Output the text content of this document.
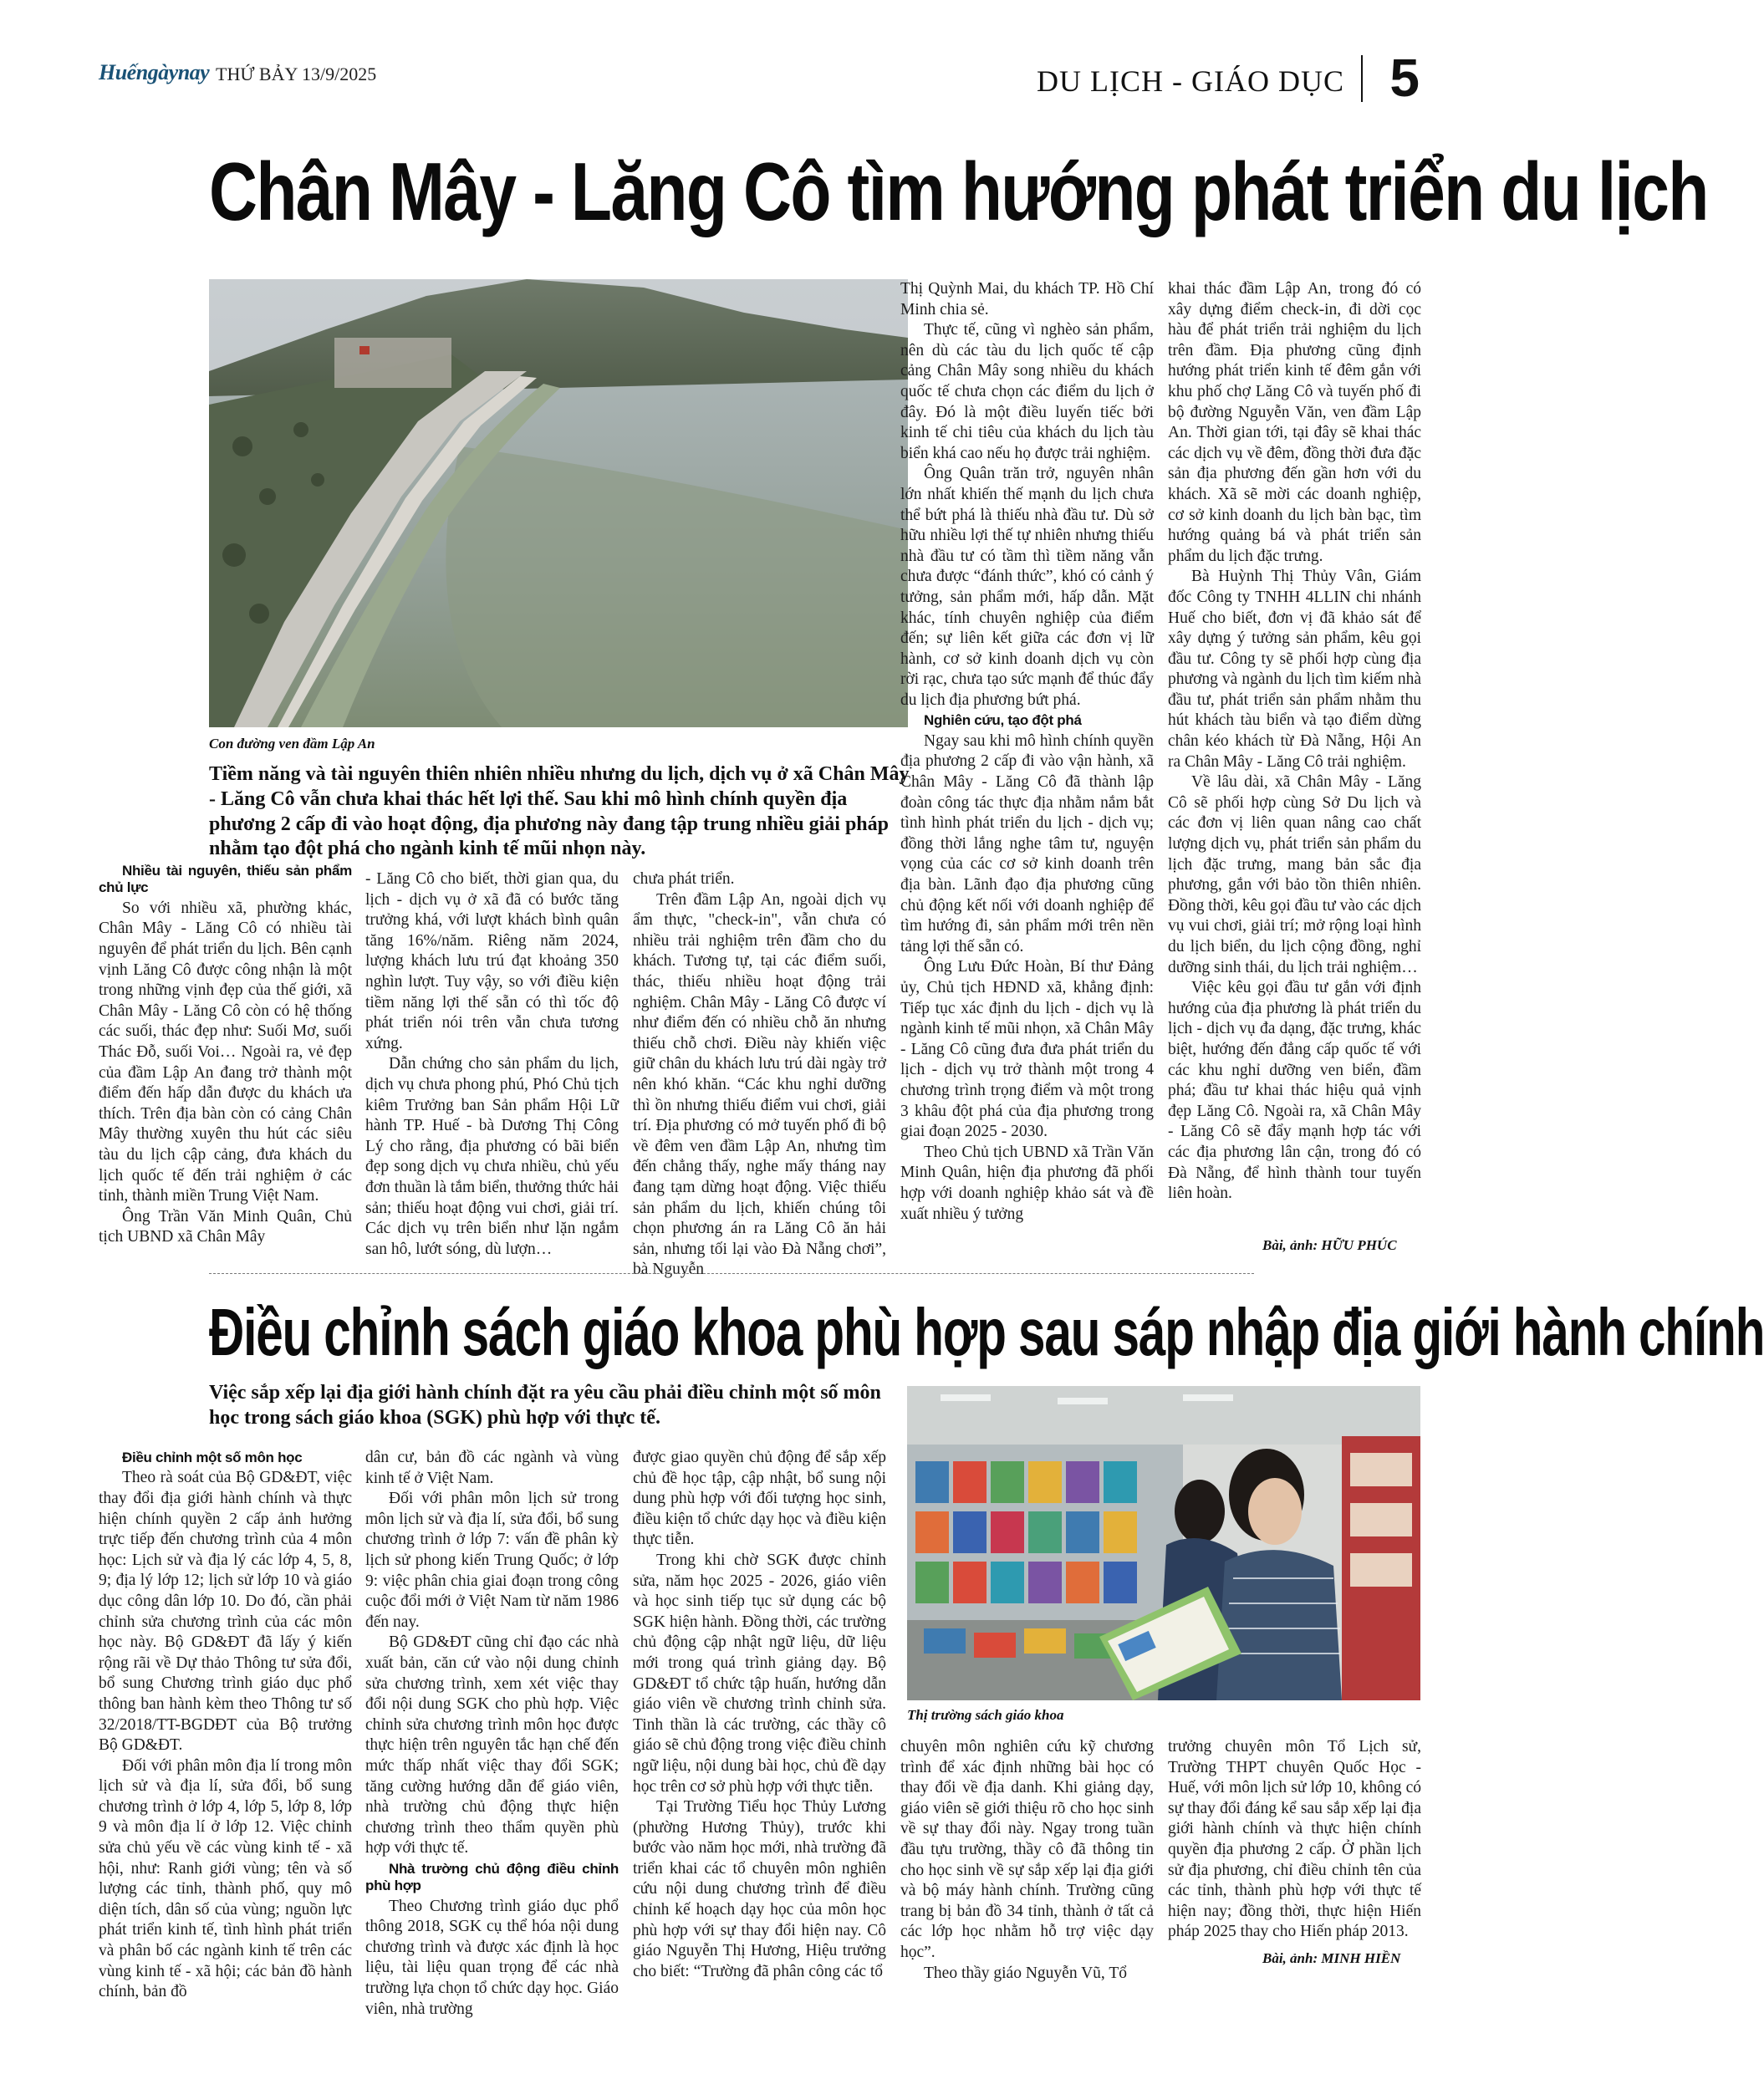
Huếngàynay THỨ BẢY 13/9/2025	DU LỊCH - GIÁO DỤC 5
Chân Mây - Lăng Cô tìm hướng phát triển du lịch
Con đường ven đầm Lập An
Tiềm năng và tài nguyên thiên nhiên nhiều nhưng du lịch, dịch vụ ở xã Chân Mây - Lăng Cô vẫn chưa khai thác hết lợi thế. Sau khi mô hình chính quyền địa phương 2 cấp đi vào hoạt động, địa phương này đang tập trung nhiều giải pháp nhằm tạo đột phá cho ngành kinh tế mũi nhọn này.

Nhiều tài nguyên, thiếu sản phẩm chủ lực

So với nhiều xã, phường khác, Chân Mây - Lăng Cô có nhiều tài nguyên để phát triển du lịch. Bên cạnh vịnh Lăng Cô được công nhận là một trong những vịnh đẹp của thế giới, xã Chân Mây - Lăng Cô còn có hệ thống các suối, thác đẹp như: Suối Mơ, suối Thác Đỗ, suối Voi… Ngoài ra, vẻ đẹp của đầm Lập An đang trở thành một điểm đến hấp dẫn được du khách ưa thích. Trên địa bàn còn có cảng Chân Mây thường xuyên thu hút các siêu tàu du lịch cập cảng, đưa khách du lịch quốc tế đến trải nghiệm ở các tỉnh, thành miền Trung Việt Nam.

Ông Trần Văn Minh Quân, Chủ tịch UBND xã Chân Mây

- Lăng Cô cho biết, thời gian qua, du lịch - dịch vụ ở xã đã có bước tăng trưởng khá, với lượt khách bình quân tăng 16%/năm. Riêng năm 2024, lượng khách lưu trú đạt khoảng 350 nghìn lượt. Tuy vậy, so với điều kiện tiềm năng lợi thế sẵn có thì tốc độ phát triển nói trên vẫn chưa tương xứng.

Dẫn chứng cho sản phẩm du lịch, dịch vụ chưa phong phú, Phó Chủ tịch kiêm Trưởng ban Sản phẩm Hội Lữ hành TP. Huế - bà Dương Thị Công Lý cho rằng, địa phương có bãi biển đẹp song dịch vụ chưa nhiều, chủ yếu đơn thuần là tắm biển, thưởng thức hải sản; thiếu hoạt động vui chơi, giải trí. Các dịch vụ trên biển như lặn ngắm san hô, lướt sóng, dù lượn…

chưa phát triển.

Trên đầm Lập An, ngoài dịch vụ ẩm thực, "check-in", vẫn chưa có nhiều trải nghiệm trên đầm cho du khách. Tương tự, tại các điểm suối, thác, thiếu nhiều hoạt động trải nghiệm. Chân Mây - Lăng Cô được ví như điểm đến có nhiều chỗ ăn nhưng thiếu chỗ chơi. Điều này khiến việc giữ chân du khách lưu trú dài ngày trở nên khó khăn. “Các khu nghỉ dưỡng thì ồn nhưng thiếu điểm vui chơi, giải trí. Địa phương có mở tuyến phố đi bộ về đêm ven đầm Lập An, nhưng tìm đến chẳng thấy, nghe mấy tháng nay đang tạm dừng hoạt động. Việc thiếu sản phẩm du lịch, khiến chúng tôi chọn phương án ra Lăng Cô ăn hải sản, nhưng tối lại vào Đà Nẵng chơi”, bà Nguyễn

Thị Quỳnh Mai, du khách TP. Hồ Chí Minh chia sẻ.

Thực tế, cũng vì nghèo sản phẩm, nên dù các tàu du lịch quốc tế cập cảng Chân Mây song nhiều du khách quốc tế chưa chọn các điểm du lịch ở đây. Đó là một điều luyến tiếc bởi kinh tế chi tiêu của khách du lịch tàu biển khá cao nếu họ được trải nghiệm.

Ông Quân trăn trở, nguyên nhân lớn nhất khiến thế mạnh du lịch chưa thể bứt phá là thiếu nhà đầu tư. Dù sở hữu nhiều lợi thế tự nhiên nhưng thiếu nhà đầu tư có tầm thì tiềm năng vẫn chưa được “đánh thức”, khó có cảnh ý tưởng, sản phẩm mới, hấp dẫn. Mặt khác, tính chuyên nghiệp của điểm đến; sự liên kết giữa các đơn vị lữ hành, cơ sở kinh doanh dịch vụ còn rời rạc, chưa tạo sức mạnh để thúc đẩy du lịch địa phương bứt phá.

Nghiên cứu, tạo đột phá

Ngay sau khi mô hình chính quyền địa phương 2 cấp đi vào vận hành, xã Chân Mây - Lăng Cô đã thành lập đoàn công tác thực địa nhằm nắm bắt tình hình phát triển du lịch - dịch vụ; đồng thời lắng nghe tâm tư, nguyện vọng của các cơ sở kinh doanh trên địa bàn. Lãnh đạo địa phương cũng chủ động kết nối với doanh nghiệp để tìm hướng đi, sản phẩm mới trên nền tảng lợi thế sẵn có.

Ông Lưu Đức Hoàn, Bí thư Đảng ủy, Chủ tịch HĐND xã, khẳng định: Tiếp tục xác định du lịch - dịch vụ là ngành kinh tế mũi nhọn, xã Chân Mây - Lăng Cô cũng đưa đưa phát triển du lịch - dịch vụ trở thành một trong 4 chương trình trọng điểm và một trong 3 khâu đột phá của địa phương trong giai đoạn 2025 - 2030.

Theo Chủ tịch UBND xã Trần Văn Minh Quân, hiện địa phương đã phối hợp với doanh nghiệp khảo sát và đề xuất nhiều ý tưởng

khai thác đầm Lập An, trong đó có xây dựng điểm check-in, đi dời cọc hàu để phát triển trải nghiệm du lịch trên đầm. Địa phương cũng định hướng phát triển kinh tế đêm gắn với khu phố chợ Lăng Cô và tuyến phố đi bộ đường Nguyễn Văn, ven đầm Lập An. Thời gian tới, tại đây sẽ khai thác các dịch vụ về đêm, đồng thời đưa đặc sản địa phương đến gần hơn với du khách. Xã sẽ mời các doanh nghiệp, cơ sở kinh doanh du lịch bàn bạc, tìm hướng quảng bá và phát triển sản phẩm du lịch đặc trưng.

Bà Huỳnh Thị Thủy Vân, Giám đốc Công ty TNHH 4LLIN chi nhánh Huế cho biết, đơn vị đã khảo sát để xây dựng ý tưởng sản phẩm, kêu gọi đầu tư. Công ty sẽ phối hợp cùng địa phương và ngành du lịch tìm kiếm nhà đầu tư, phát triển sản phẩm nhằm thu hút khách tàu biển và tạo điểm dừng chân kéo khách từ Đà Nẵng, Hội An ra Chân Mây - Lăng Cô trải nghiệm.

Về lâu dài, xã Chân Mây - Lăng Cô sẽ phối hợp cùng Sở Du lịch và các đơn vị liên quan nâng cao chất lượng dịch vụ, phát triển sản phẩm du lịch đặc trưng, mang bản sắc địa phương, gắn với bảo tồn thiên nhiên. Đồng thời, kêu gọi đầu tư vào các dịch vụ vui chơi, giải trí; mở rộng loại hình du lịch biển, du lịch cộng đồng, nghỉ dưỡng sinh thái, du lịch trải nghiệm…

Việc kêu gọi đầu tư gắn với định hướng của địa phương là phát triển du lịch - dịch vụ đa dạng, đặc trưng, khác biệt, hướng đến đẳng cấp quốc tế với các khu nghỉ dưỡng ven biển, đầm phá; đầu tư khai thác hiệu quả vịnh đẹp Lăng Cô. Ngoài ra, xã Chân Mây - Lăng Cô sẽ đẩy mạnh hợp tác với các địa phương lân cận, trong đó có Đà Nẵng, để hình thành tour tuyến liên hoàn.

Bài, ảnh: HỮU PHÚC
Điều chỉnh sách giáo khoa phù hợp sau sáp nhập địa giới hành chính
Việc sắp xếp lại địa giới hành chính đặt ra yêu cầu phải điều chỉnh một số môn học trong sách giáo khoa (SGK) phù hợp với thực tế.
Thị trường sách giáo khoa

Điều chỉnh một số môn học

Theo rà soát của Bộ GD&ĐT, việc thay đổi địa giới hành chính và thực hiện chính quyền 2 cấp ảnh hưởng trực tiếp đến chương trình của 4 môn học: Lịch sử và địa lý các lớp 4, 5, 8, 9; địa lý lớp 12; lịch sử lớp 10 và giáo dục công dân lớp 10. Do đó, cần phải chỉnh sửa chương trình của các môn học này. Bộ GD&ĐT đã lấy ý kiến rộng rãi về Dự thảo Thông tư sửa đổi, bổ sung Chương trình giáo dục phổ thông ban hành kèm theo Thông tư số 32/2018/TT-BGDĐT của Bộ trưởng Bộ GD&ĐT.

Đối với phân môn địa lí trong môn lịch sử và địa lí, sửa đổi, bổ sung chương trình ở lớp 4, lớp 5, lớp 8, lớp 9 và môn địa lí ở lớp 12. Việc chỉnh sửa chủ yếu về các vùng kinh tế - xã hội, như: Ranh giới vùng; tên và số lượng các tỉnh, thành phố, quy mô diện tích, dân số của vùng; nguồn lực phát triển kinh tế, tình hình phát triển và phân bố các ngành kinh tế trên các vùng kinh tế - xã hội; các bản đồ hành chính, bản đồ

dân cư, bản đồ các ngành và vùng kinh tế ở Việt Nam.

Đối với phân môn lịch sử trong môn lịch sử và địa lí, sửa đổi, bổ sung chương trình ở lớp 7: vấn đề phân kỳ lịch sử phong kiến Trung Quốc; ở lớp 9: việc phân chia giai đoạn trong công cuộc đổi mới ở Việt Nam từ năm 1986 đến nay.

Bộ GD&ĐT cũng chỉ đạo các nhà xuất bản, căn cứ vào nội dung chỉnh sửa chương trình, xem xét việc thay đổi nội dung SGK cho phù hợp. Việc chỉnh sửa chương trình môn học được thực hiện trên nguyên tắc hạn chế đến mức thấp nhất việc thay đổi SGK; tăng cường hướng dẫn để giáo viên, nhà trường chủ động thực hiện chương trình theo thẩm quyền phù hợp với thực tế.

Nhà trường chủ động điều chỉnh phù hợp

Theo Chương trình giáo dục phổ thông 2018, SGK cụ thể hóa nội dung chương trình và được xác định là học liệu, tài liệu quan trọng để các nhà trường lựa chọn tổ chức dạy học. Giáo viên, nhà trường

được giao quyền chủ động để sắp xếp chủ đề học tập, cập nhật, bổ sung nội dung phù hợp với đối tượng học sinh, điều kiện tổ chức dạy học và điều kiện thực tiễn.

Trong khi chờ SGK được chỉnh sửa, năm học 2025 - 2026, giáo viên và học sinh tiếp tục sử dụng các bộ SGK hiện hành. Đồng thời, các trường chủ động cập nhật ngữ liệu, dữ liệu mới trong quá trình giảng dạy. Bộ GD&ĐT tổ chức tập huấn, hướng dẫn giáo viên về chương trình chỉnh sửa. Tinh thần là các trường, các thầy cô giáo sẽ chủ động trong việc điều chỉnh ngữ liệu, nội dung bài học, chủ đề dạy học trên cơ sở phù hợp với thực tiễn.

Tại Trường Tiểu học Thủy Lương (phường Hương Thủy), trước khi bước vào năm học mới, nhà trường đã triển khai các tổ chuyên môn nghiên cứu nội dung chương trình để điều chỉnh kế hoạch dạy học của môn học phù hợp với sự thay đổi hiện nay. Cô giáo Nguyễn Thị Hương, Hiệu trưởng cho biết: “Trường đã phân công các tổ

chuyên môn nghiên cứu kỹ chương trình để xác định những bài học có thay đổi về địa danh. Khi giảng dạy, giáo viên sẽ giới thiệu rõ cho học sinh về sự thay đổi này. Ngay trong tuần đầu tựu trường, thầy cô đã thông tin cho học sinh về sự sắp xếp lại địa giới và bộ máy hành chính. Trường cũng trang bị bản đồ 34 tỉnh, thành ở tất cả các lớp học nhằm hỗ trợ việc dạy học”.

Theo thầy giáo Nguyễn Vũ, Tổ

trưởng chuyên môn Tổ Lịch sử, Trường THPT chuyên Quốc Học - Huế, với môn lịch sử lớp 10, không có sự thay đổi đáng kể sau sắp xếp lại địa giới hành chính và thực hiện chính quyền địa phương 2 cấp. Ở phần lịch sử địa phương, chỉ điều chỉnh tên của các tỉnh, thành phù hợp với thực tế hiện nay; đồng thời, thực hiện Hiến pháp 2025 thay cho Hiến pháp 2013.

Bài, ảnh: MINH HIỀN
